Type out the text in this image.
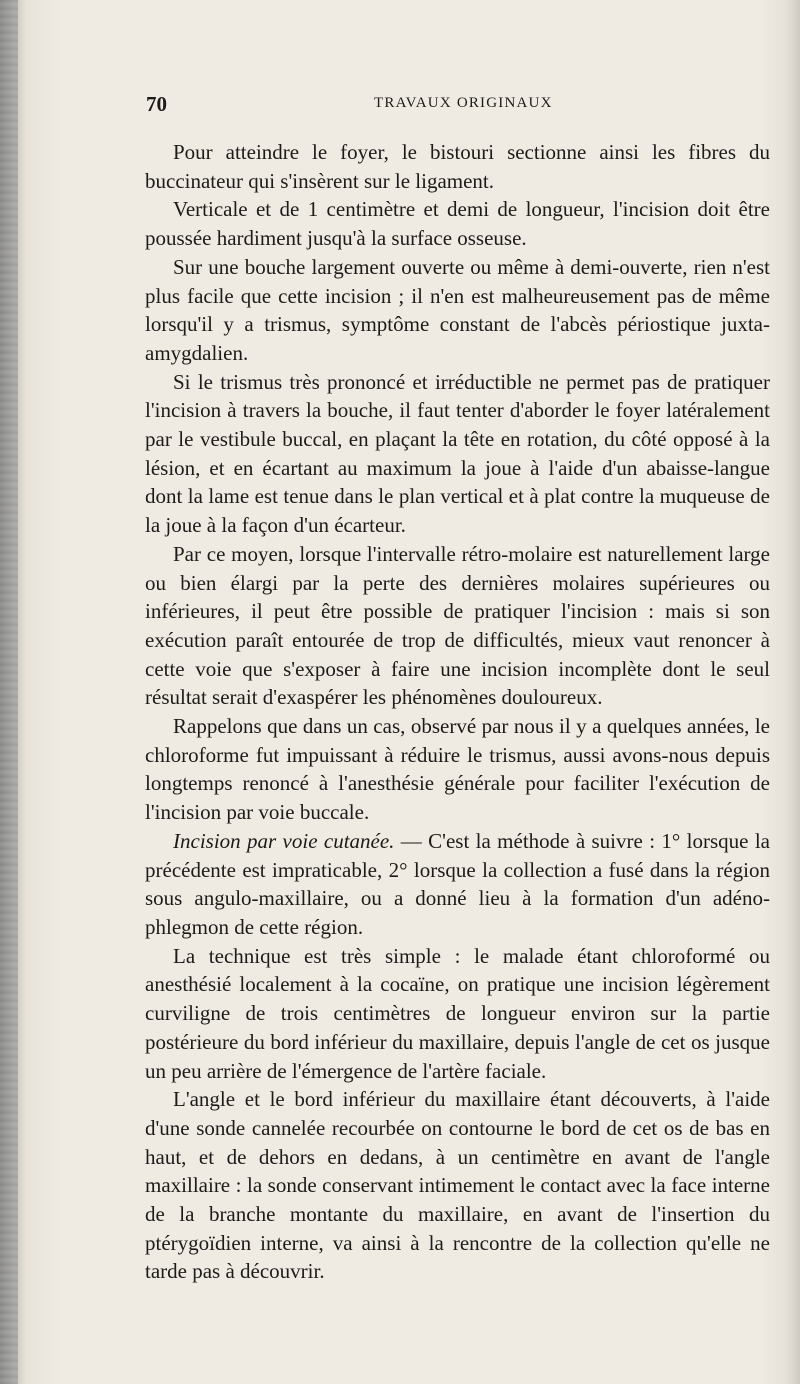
70	TRAVAUX ORIGINAUX

Pour atteindre le foyer, le bistouri sectionne ainsi les fibres du buccinateur qui s'insèrent sur le ligament.

Verticale et de 1 centimètre et demi de longueur, l'incision doit être poussée hardiment jusqu'à la surface osseuse.

Sur une bouche largement ouverte ou même à demi-ouverte, rien n'est plus facile que cette incision ; il n'en est malheureusement pas de même lorsqu'il y a trismus, symptôme constant de l'abcès périostique juxta-amygdalien.

Si le trismus très prononcé et irréductible ne permet pas de pratiquer l'incision à travers la bouche, il faut tenter d'aborder le foyer latéralement par le vestibule buccal, en plaçant la tête en rotation, du côté opposé à la lésion, et en écartant au maximum la joue à l'aide d'un abaisse-langue dont la lame est tenue dans le plan vertical et à plat contre la muqueuse de la joue à la façon d'un écarteur.

Par ce moyen, lorsque l'intervalle rétro-molaire est naturellement large ou bien élargi par la perte des dernières molaires supérieures ou inférieures, il peut être possible de pratiquer l'incision : mais si son exécution paraît entourée de trop de difficultés, mieux vaut renoncer à cette voie que s'exposer à faire une incision incomplète dont le seul résultat serait d'exaspérer les phénomènes douloureux.

Rappelons que dans un cas, observé par nous il y a quelques années, le chloroforme fut impuissant à réduire le trismus, aussi avons-nous depuis longtemps renoncé à l'anesthésie générale pour faciliter l'exécution de l'incision par voie buccale.

Incision par voie cutanée. — C'est la méthode à suivre : 1° lorsque la précédente est impraticable, 2° lorsque la collection a fusé dans la région sous angulo-maxillaire, ou a donné lieu à la formation d'un adéno-phlegmon de cette région.

La technique est très simple : le malade étant chloroformé ou anesthésié localement à la cocaïne, on pratique une incision légèrement curviligne de trois centimètres de longueur environ sur la partie postérieure du bord inférieur du maxillaire, depuis l'angle de cet os jusque un peu arrière de l'émergence de l'artère faciale.

L'angle et le bord inférieur du maxillaire étant découverts, à l'aide d'une sonde cannelée recourbée on contourne le bord de cet os de bas en haut, et de dehors en dedans, à un centimètre en avant de l'angle maxillaire : la sonde conservant intimement le contact avec la face interne de la branche montante du maxillaire, en avant de l'insertion du ptérygoïdien interne, va ainsi à la rencontre de la collection qu'elle ne tarde pas à découvrir.
